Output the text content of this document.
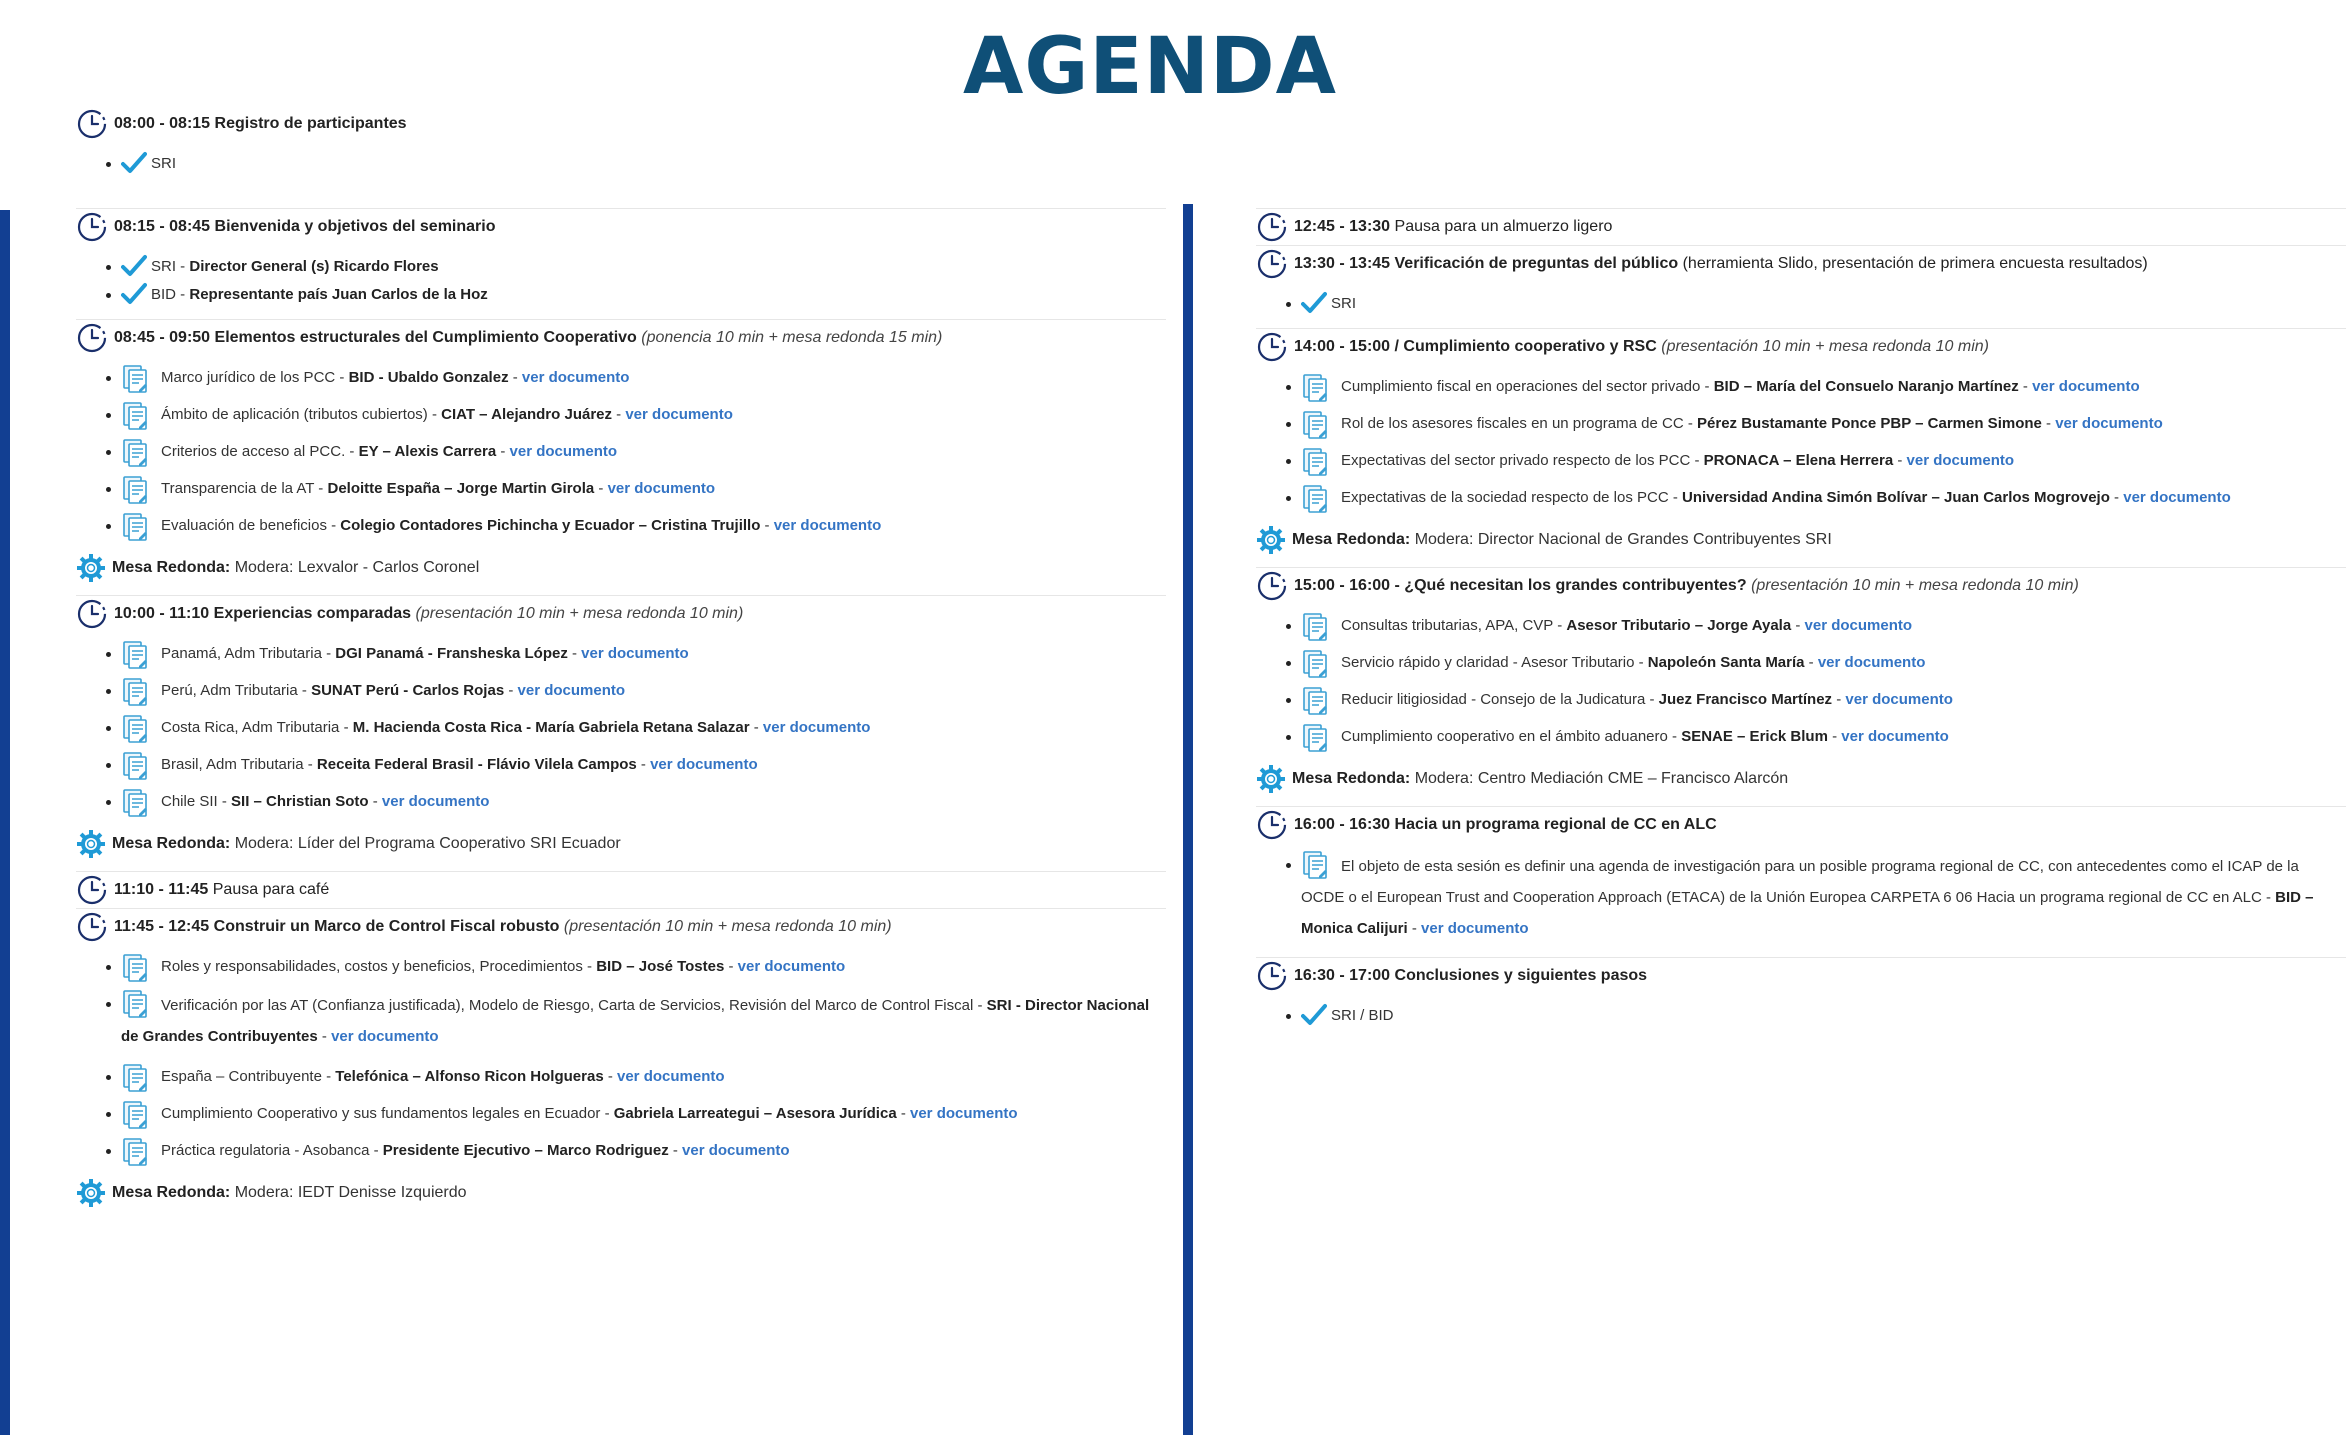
AGENDA
08:00 - 08:15 Registro de participantes
SRI
08:15 - 08:45 Bienvenida y objetivos del seminario
SRI - Director General (s) Ricardo Flores
BID - Representante país Juan Carlos de la Hoz
08:45 - 09:50 Elementos estructurales del Cumplimiento Cooperativo (ponencia 10 min + mesa redonda 15 min)
Marco jurídico de los PCC - BID - Ubaldo Gonzalez - ver documento
Ámbito de aplicación (tributos cubiertos) - CIAT – Alejandro Juárez - ver documento
Criterios de acceso al PCC. - EY – Alexis Carrera - ver documento
Transparencia de la AT - Deloitte España – Jorge Martin Girola - ver documento
Evaluación de beneficios - Colegio Contadores Pichincha y Ecuador – Cristina Trujillo - ver documento
Mesa Redonda: Modera: Lexvalor - Carlos Coronel
10:00 - 11:10 Experiencias comparadas (presentación 10 min + mesa redonda 10 min)
Panamá, Adm Tributaria - DGI Panamá - Fransheska López - ver documento
Perú, Adm Tributaria - SUNAT Perú - Carlos Rojas - ver documento
Costa Rica, Adm Tributaria - M. Hacienda Costa Rica - María Gabriela Retana Salazar - ver documento
Brasil, Adm Tributaria - Receita Federal Brasil - Flávio Vilela Campos - ver documento
Chile SII - SII – Christian Soto - ver documento
Mesa Redonda: Modera: Líder del Programa Cooperativo SRI Ecuador
11:10 - 11:45 Pausa para café
11:45 - 12:45 Construir un Marco de Control Fiscal robusto (presentación 10 min + mesa redonda 10 min)
Roles y responsabilidades, costos y beneficios, Procedimientos - BID – José Tostes - ver documento
Verificación por las AT (Confianza justificada), Modelo de Riesgo, Carta de Servicios, Revisión del Marco de Control Fiscal - SRI - Director Nacional de Grandes Contribuyentes - ver documento
España – Contribuyente - Telefónica – Alfonso Ricon Holgueras - ver documento
Cumplimiento Cooperativo y sus fundamentos legales en Ecuador - Gabriela Larreategui – Asesora Jurídica - ver documento
Práctica regulatoria - Asobanca - Presidente Ejecutivo – Marco Rodriguez - ver documento
Mesa Redonda: Modera: IEDT Denisse Izquierdo
12:45 - 13:30 Pausa para un almuerzo ligero
13:30 - 13:45 Verificación de preguntas del público (herramienta Slido, presentación de primera encuesta resultados)
SRI
14:00 - 15:00 / Cumplimiento cooperativo y RSC (presentación 10 min + mesa redonda 10 min)
Cumplimiento fiscal en operaciones del sector privado - BID – María del Consuelo Naranjo Martínez - ver documento
Rol de los asesores fiscales en un programa de CC - Pérez Bustamante Ponce PBP – Carmen Simone - ver documento
Expectativas del sector privado respecto de los PCC - PRONACA – Elena Herrera - ver documento
Expectativas de la sociedad respecto de los PCC - Universidad Andina Simón Bolívar – Juan Carlos Mogrovejo - ver documento
Mesa Redonda: Modera: Director Nacional de Grandes Contribuyentes SRI
15:00 - 16:00 - ¿Qué necesitan los grandes contribuyentes? (presentación 10 min + mesa redonda 10 min)
Consultas tributarias, APA, CVP - Asesor Tributario – Jorge Ayala - ver documento
Servicio rápido y claridad - Asesor Tributario - Napoleón Santa María - ver documento
Reducir litigiosidad - Consejo de la Judicatura - Juez Francisco Martínez - ver documento
Cumplimiento cooperativo en el ámbito aduanero - SENAE – Erick Blum - ver documento
Mesa Redonda: Modera: Centro Mediación CME – Francisco Alarcón
16:00 - 16:30 Hacia un programa regional de CC en ALC
El objeto de esta sesión es definir una agenda de investigación para un posible programa regional de CC, con antecedentes como el ICAP de la OCDE o el European Trust and Cooperation Approach (ETACA) de la Unión Europea CARPETA 6 06 Hacia un programa regional de CC en ALC - BID – Monica Calijuri - ver documento
16:30 - 17:00 Conclusiones y siguientes pasos
SRI / BID
